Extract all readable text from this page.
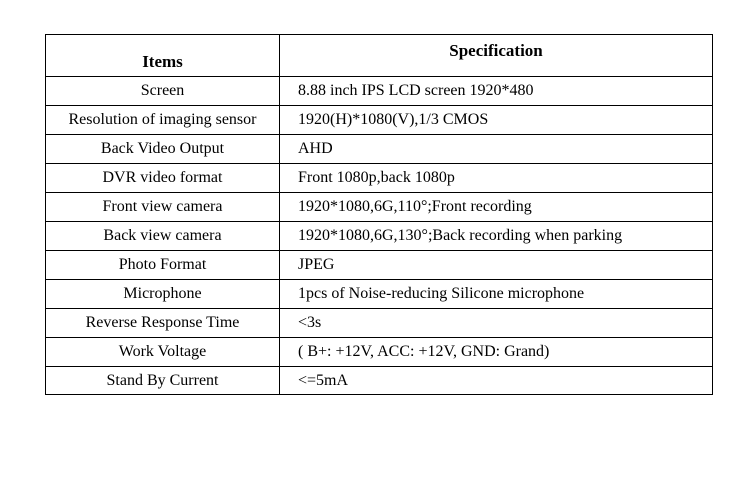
Items	Specification
Screen	8.88 inch IPS LCD screen 1920*480
Resolution of imaging sensor	1920(H)*1080(V),1/3 CMOS
Back Video Output	AHD
DVR video format	Front 1080p,back 1080p
Front view camera	1920*1080,6G,110°;Front recording
Back view camera	1920*1080,6G,130°;Back recording when parking
Photo Format	JPEG
Microphone	1pcs of Noise-reducing Silicone microphone
Reverse Response Time	<3s
Work Voltage	( B+: +12V, ACC: +12V, GND: Grand)
Stand By Current	<=5mA
